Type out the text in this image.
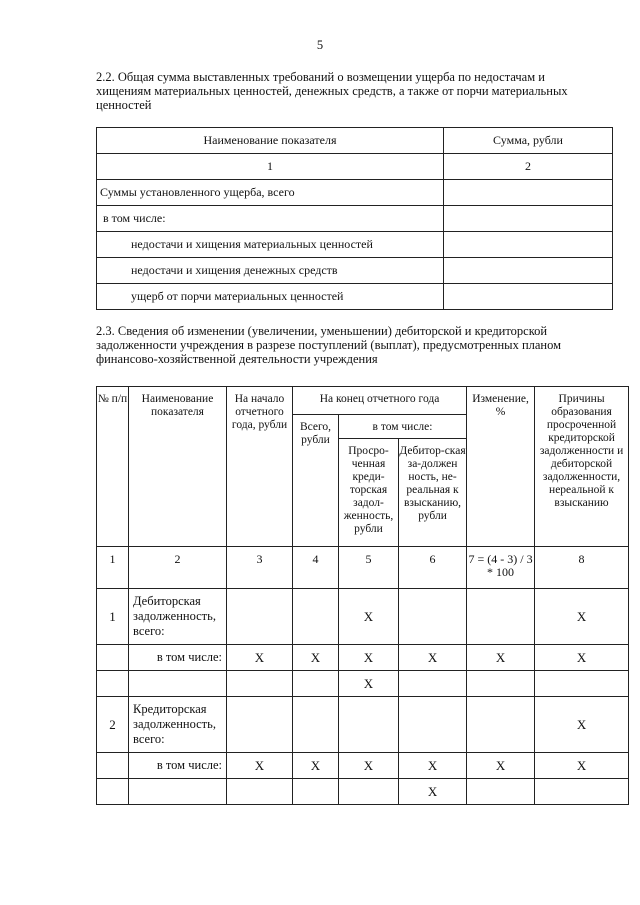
5
2.2. Общая сумма выставленных требований о возмещении ущерба по недостачам и
хищениям материальных ценностей, денежных средств, а также от порчи материальных
ценностей
Наименование показателя	Сумма, рубли
1	2
Суммы установленного ущерба, всего	
в том числе:	
недостачи и хищения материальных ценностей	
недостачи и хищения денежных средств	
ущерб от порчи материальных ценностей	
2.3. Сведения об изменении (увеличении, уменьшении) дебиторской и кредиторской
задолженности учреждения в разрезе поступлений (выплат), предусмотренных планом
финансово-хозяйственной деятельности учреждения
№ п/п	Наименование показателя	На начало отчетного года, рубли	На конец отчетного года			Изменение, %	Причины образования просроченной кредиторской задолженности и дебиторской задолженности, нереальной к взысканию
			Всего, рубли	в том числе:			
				Просро-ченная креди-торская задол-женность, рубли	Дебитор-ская за-должен ность, не-реальная к взысканию, рубли		
1	2	3	4	5	6	7 = (4 - 3) / 3 * 100	8
1	Дебиторская задолженность, всего:			X			X
	в том числе:	X	X	X	X	X	X
				X			
2	Кредиторская задолженность, всего:						X
	в том числе:	X	X	X	X	X	X
					X		
